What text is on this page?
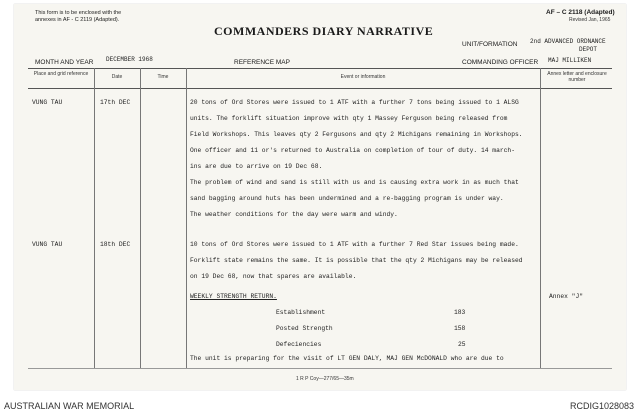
This form is to be enclosed with the
annexes in AF - C 2119 (Adapted).
COMMANDERS DIARY NARRATIVE
AF – C 2118 (Adapted)
Revised Jan, 1965
UNIT/FORMATION 2nd ADVANCED ORDNANCE
DEPOT
MONTH AND YEAR DECEMBER 1968	REFERENCE MAP	COMMANDING OFFICER MAJ MILLIKEN
Place and grid reference	Date	Time	Event or information	Annex letter and enclosure number
VUNG TAU	17th DEC	20 tons of Ord Stores were issued to 1 ATF with a further 7 tons being issued to 1 ALSG
units. The forklift situation improve with qty 1 Massey Ferguson being released from
Field Workshops. This leaves qty 2 Fergusons and qty 2 Michigans remaining in Workshops.
One officer and 11 or's returned to Australia on completion of tour of duty. 14 march-
ins are due to arrive on 19 Dec 68.
The problem of wind and sand is still with us and is causing extra work in as much that
sand bagging around huts has been undermined and a re-bagging program is under way.
The weather conditions for the day were warm and windy.
VUNG TAU	18th DEC	10 tons of Ord Stores were issued to 1 ATF with a further 7 Red Star issues being made.
Forklift state remains the same. It is possible that the qty 2 Michigans may be released
on 19 Dec 68, now that spares are available.
WEEKLY STRENGTH RETURN.	Annex "J"
Establishment	183
Posted Strength	158
Defeciencies	25
The unit is preparing for the visit of LT GEN DALY, MAJ GEN McDONALD who are due to
1 R P Coy—277/65—35m
AUSTRALIAN WAR MEMORIAL	RCDIG1028083
